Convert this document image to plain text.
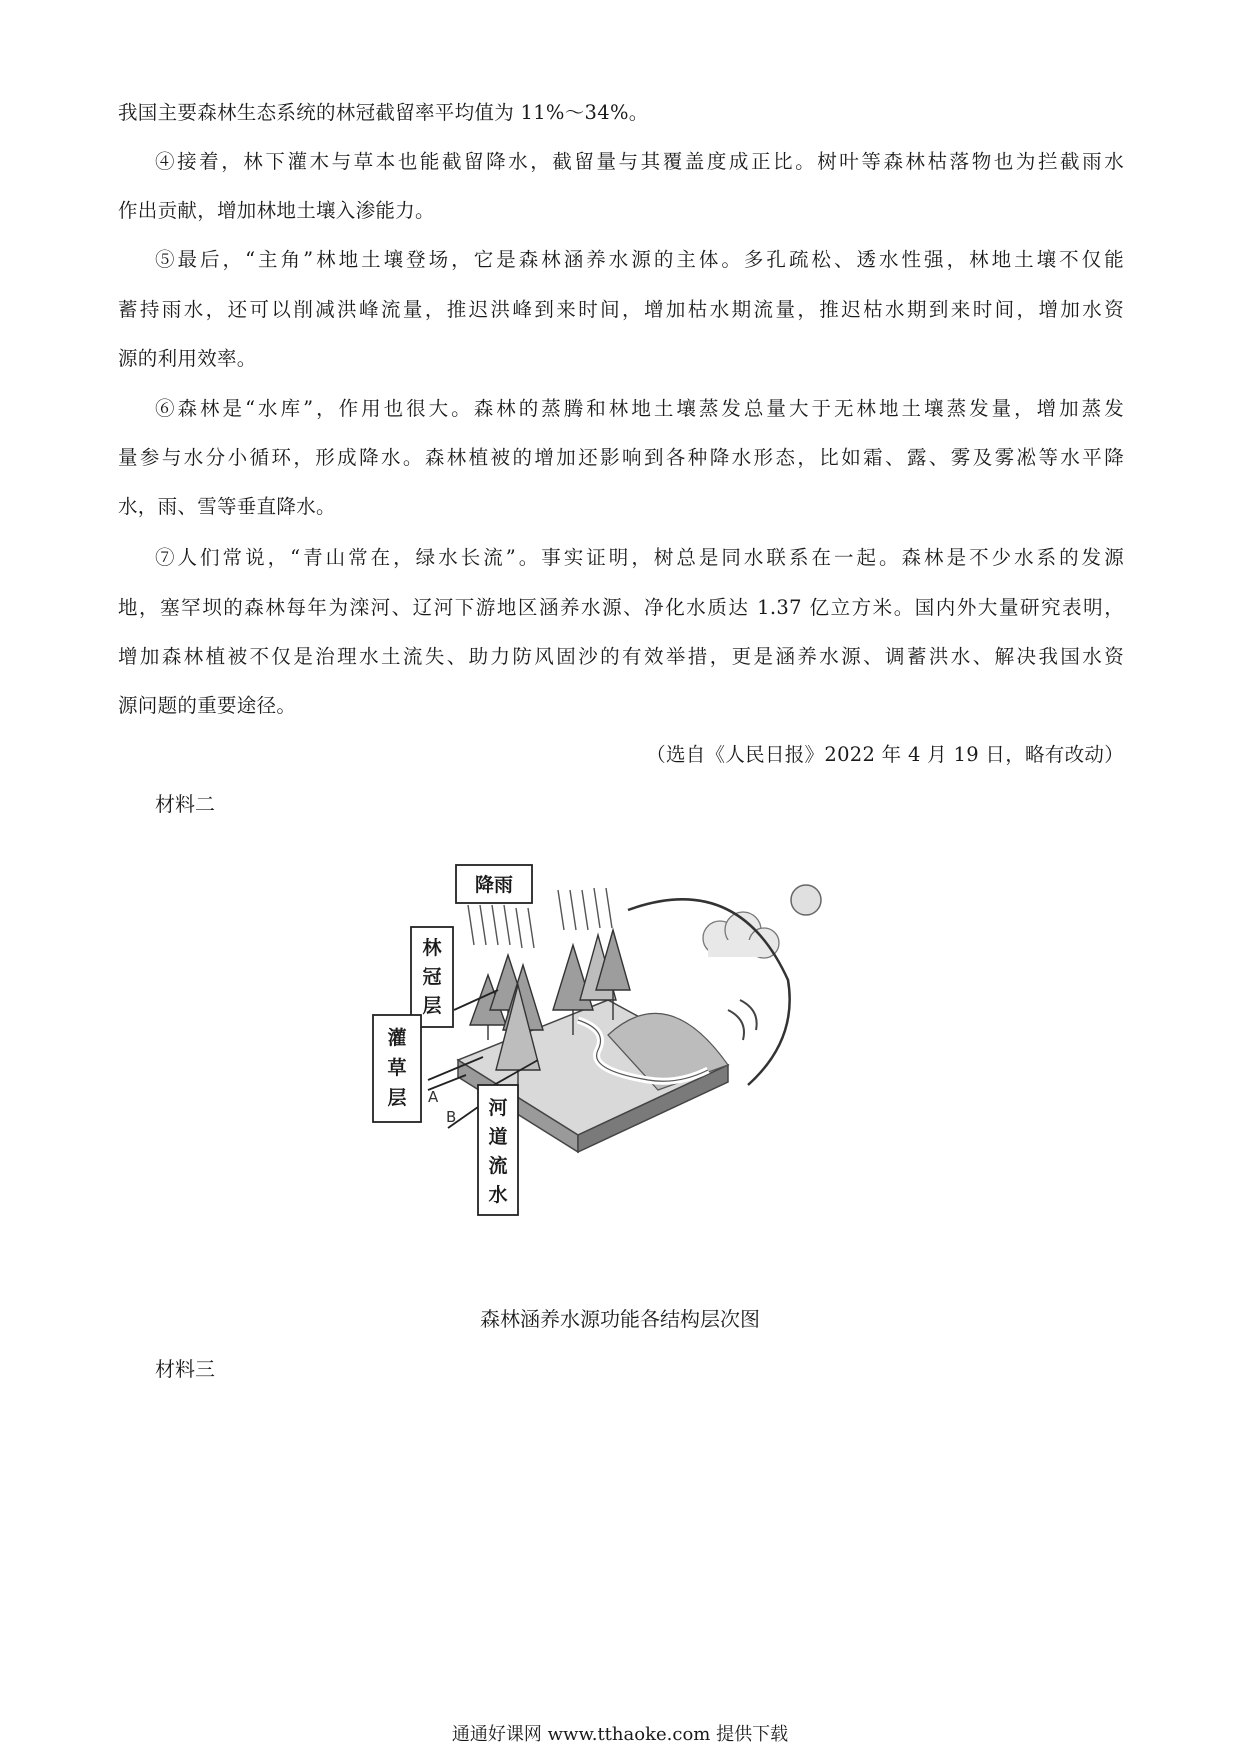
我国主要森林生态系统的林冠截留率平均值为 11%～34%。
④接着，林下灌木与草本也能截留降水，截留量与其覆盖度成正比。树叶等森林枯落物也为拦截雨水
作出贡献，增加林地土壤入渗能力。
⑤最后，“主角”林地土壤登场，它是森林涵养水源的主体。多孔疏松、透水性强，林地土壤不仅能
蓄持雨水，还可以削减洪峰流量，推迟洪峰到来时间，增加枯水期流量，推迟枯水期到来时间，增加水资
源的利用效率。
⑥森林是“水库”，作用也很大。森林的蒸腾和林地土壤蒸发总量大于无林地土壤蒸发量，增加蒸发
量参与水分小循环，形成降水。森林植被的增加还影响到各种降水形态，比如霜、露、雾及雾凇等水平降
水，雨、雪等垂直降水。
⑦人们常说，“青山常在，绿水长流”。事实证明，树总是同水联系在一起。森林是不少水系的发源
地，塞罕坝的森林每年为滦河、辽河下游地区涵养水源、净化水质达 1.37 亿立方米。国内外大量研究表明，
增加森林植被不仅是治理水土流失、助力防风固沙的有效举措，更是涵养水源、调蓄洪水、解决我国水资
源问题的重要途径。
（选自《人民日报》2022 年 4 月 19 日，略有改动）
材料二
降雨
林
冠
层
灌
草
层	河
道
流
水
A
B
森林涵养水源功能各结构层次图
材料三
通通好课网 www.tthaoke.com 提供下载
